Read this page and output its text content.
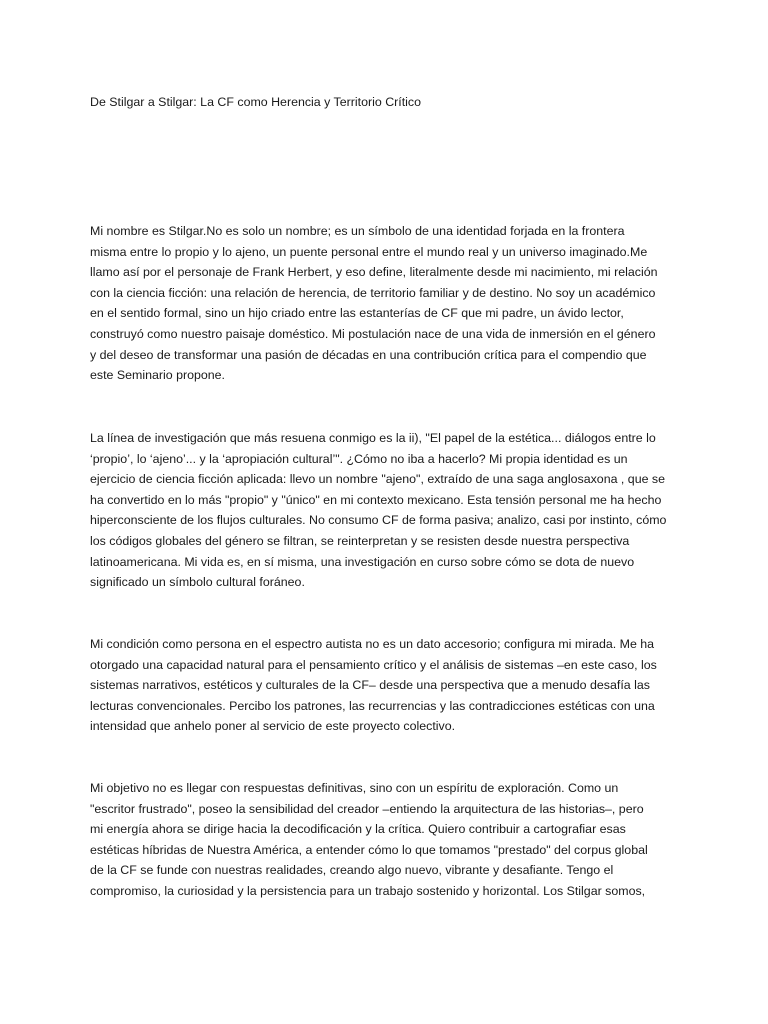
De Stilgar a Stilgar: La CF como Herencia y Territorio Crítico

Mi nombre es Stilgar.No es solo un nombre; es un símbolo de una identidad forjada en la frontera
misma entre lo propio y lo ajeno, un puente personal entre el mundo real y un universo imaginado.Me
llamo así por el personaje de Frank Herbert, y eso define, literalmente desde mi nacimiento, mi relación
con la ciencia ficción: una relación de herencia, de territorio familiar y de destino. No soy un académico
en el sentido formal, sino un hijo criado entre las estanterías de CF que mi padre, un ávido lector,
construyó como nuestro paisaje doméstico. Mi postulación nace de una vida de inmersión en el género
y del deseo de transformar una pasión de décadas en una contribución crítica para el compendio que
este Seminario propone.

La línea de investigación que más resuena conmigo es la ii), "El papel de la estética... diálogos entre lo
‘propio’, lo ‘ajeno’... y la ‘apropiación cultural’". ¿Cómo no iba a hacerlo? Mi propia identidad es un
ejercicio de ciencia ficción aplicada: llevo un nombre "ajeno", extraído de una saga anglosaxona , que se
ha convertido en lo más "propio" y "único" en mi contexto mexicano. Esta tensión personal me ha hecho
hiperconsciente de los flujos culturales. No consumo CF de forma pasiva; analizo, casi por instinto, cómo
los códigos globales del género se filtran, se reinterpretan y se resisten desde nuestra perspectiva
latinoamericana. Mi vida es, en sí misma, una investigación en curso sobre cómo se dota de nuevo
significado un símbolo cultural foráneo.

Mi condición como persona en el espectro autista no es un dato accesorio; configura mi mirada. Me ha
otorgado una capacidad natural para el pensamiento crítico y el análisis de sistemas –en este caso, los
sistemas narrativos, estéticos y culturales de la CF– desde una perspectiva que a menudo desafía las
lecturas convencionales. Percibo los patrones, las recurrencias y las contradicciones estéticas con una
intensidad que anhelo poner al servicio de este proyecto colectivo.

Mi objetivo no es llegar con respuestas definitivas, sino con un espíritu de exploración. Como un
"escritor frustrado", poseo la sensibilidad del creador –entiendo la arquitectura de las historias–, pero
mi energía ahora se dirige hacia la decodificación y la crítica. Quiero contribuir a cartografiar esas
estéticas híbridas de Nuestra América, a entender cómo lo que tomamos "prestado" del corpus global
de la CF se funde con nuestras realidades, creando algo nuevo, vibrante y desafiante. Tengo el
compromiso, la curiosidad y la persistencia para un trabajo sostenido y horizontal. Los Stilgar somos,
